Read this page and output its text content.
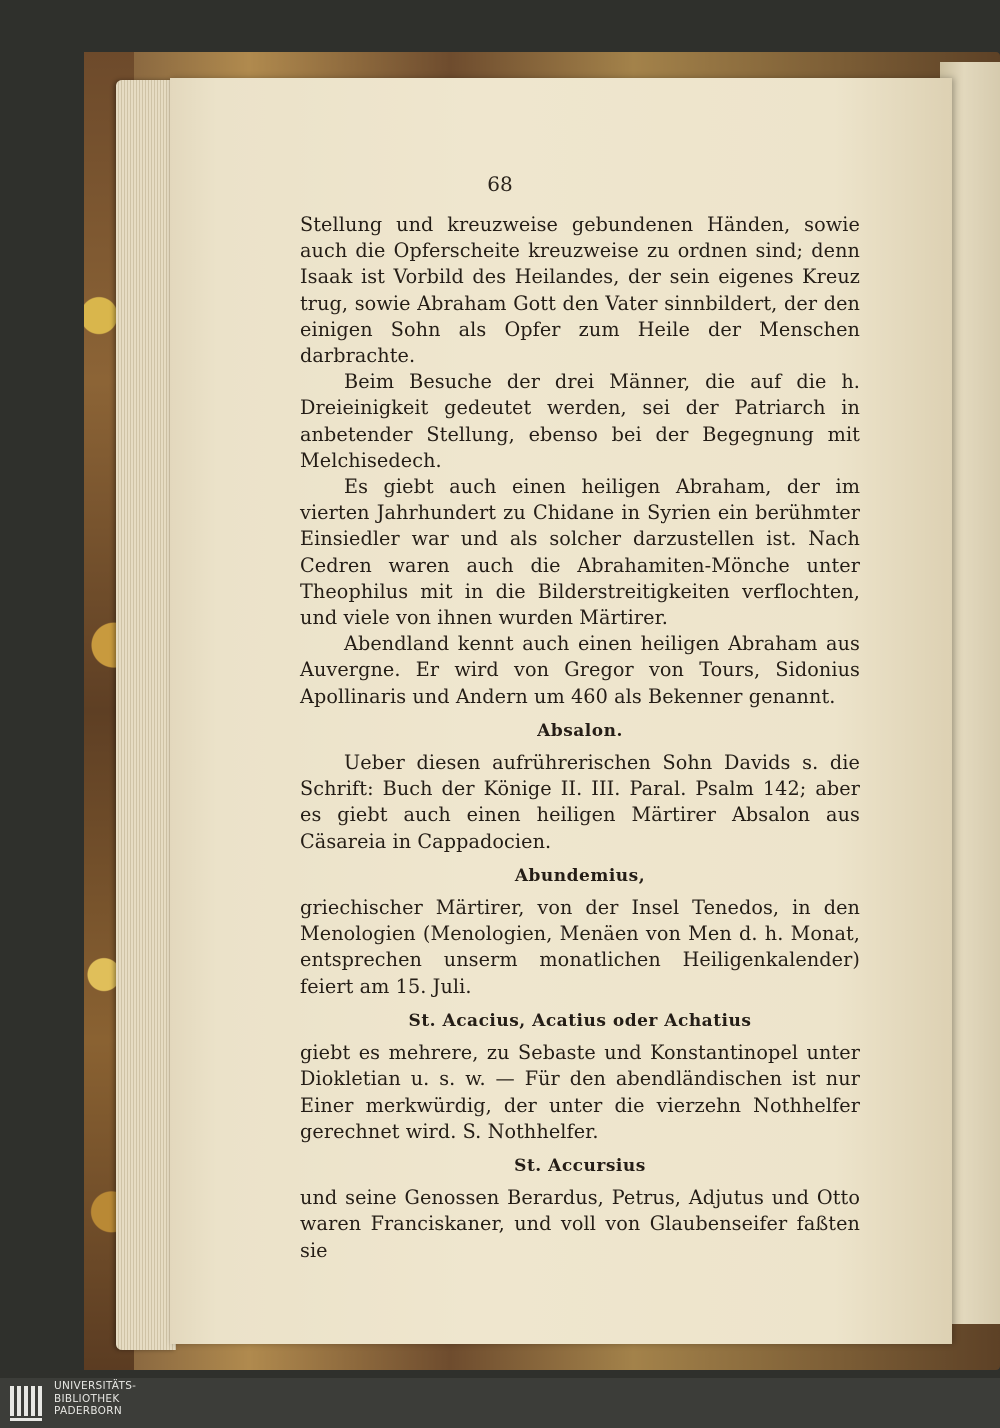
68

Stellung und kreuzweise gebundenen Händen, sowie auch die Opferscheite kreuzweise zu ordnen sind; denn Isaak ist Vorbild des Heilandes, der sein eigenes Kreuz trug, sowie Abraham Gott den Vater sinnbildert, der den einigen Sohn als Opfer zum Heile der Menschen darbrachte.

Beim Besuche der drei Männer, die auf die h. Dreieinigkeit gedeutet werden, sei der Patriarch in anbetender Stellung, ebenso bei der Begegnung mit Melchisedech.

Es giebt auch einen heiligen Abraham, der im vierten Jahrhundert zu Chidane in Syrien ein berühmter Einsiedler war und als solcher darzustellen ist. Nach Cedren waren auch die Abrahamiten-Mönche unter Theophilus mit in die Bilderstreitigkeiten verflochten, und viele von ihnen wurden Märtirer.

Abendland kennt auch einen heiligen Abraham aus Auvergne. Er wird von Gregor von Tours, Sidonius Apollinaris und Andern um 460 als Bekenner genannt.

Absalon.

Ueber diesen aufrührerischen Sohn Davids s. die Schrift: Buch der Könige II. III. Paral. Psalm 142; aber es giebt auch einen heiligen Märtirer Absalon aus Cäsareia in Cappadocien.

Abundemius,

griechischer Märtirer, von der Insel Tenedos, in den Menologien (Menologien, Menäen von Men d. h. Monat, entsprechen unserm monatlichen Heiligenkalender) feiert am 15. Juli.

St. Acacius, Acatius oder Achatius

giebt es mehrere, zu Sebaste und Konstantinopel unter Diokletian u. s. w. — Für den abendländischen ist nur Einer merkwürdig, der unter die vierzehn Nothhelfer gerechnet wird. S. Nothhelfer.

St. Accursius

und seine Genossen Berardus, Petrus, Adjutus und Otto waren Franciskaner, und voll von Glaubenseifer faßten sie

UNIVERSITÄTS-
BIBLIOTHEK
PADERBORN
